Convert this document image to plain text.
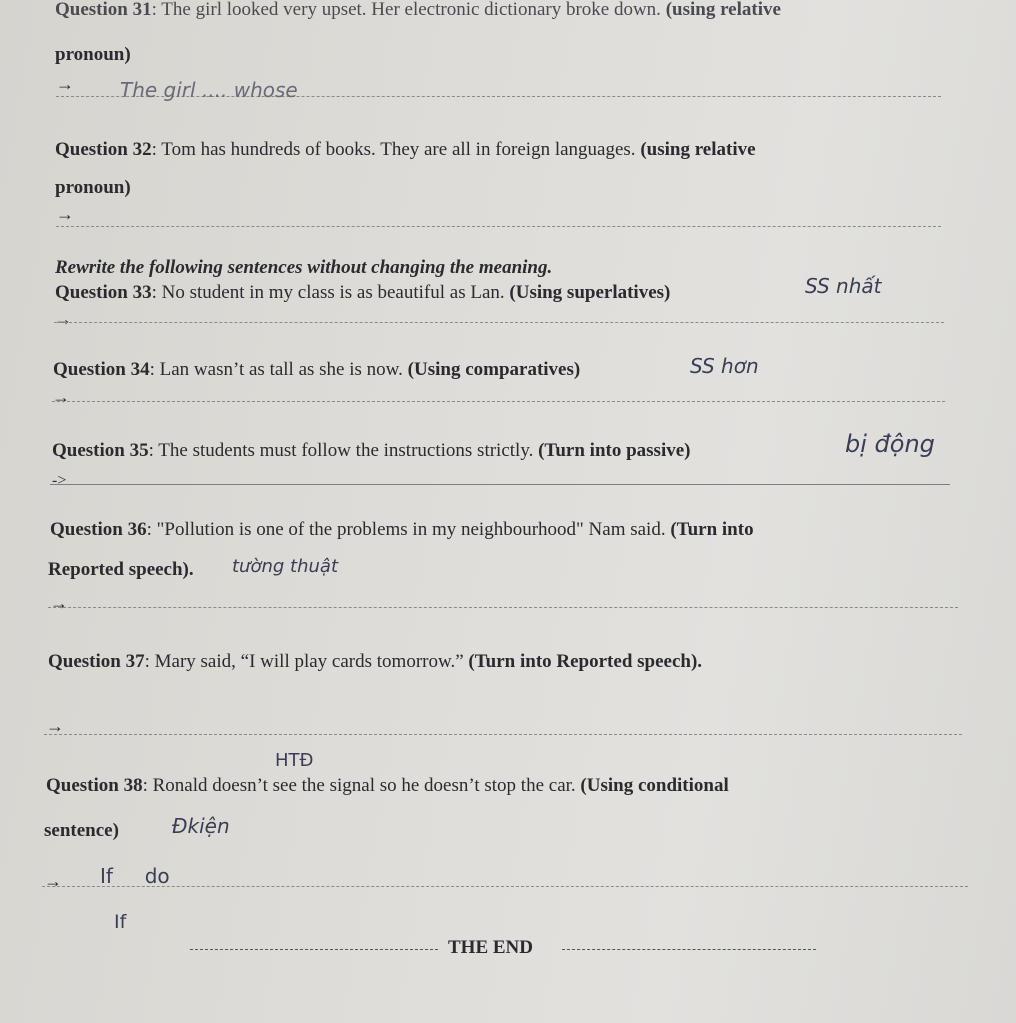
Question 31: The girl looked very upset. Her electronic dictionary broke down. (using relative
pronoun)
→ The girl .... whose
Question 32: Tom has hundreds of books. They are all in foreign languages. (using relative
pronoun)
→
Rewrite the following sentences without changing the meaning.
Question 33: No student in my class is as beautiful as Lan. (Using superlatives)	SS nhất
→
Question 34: Lan wasn’t as tall as she is now. (Using comparatives)	SS hơn
→
Question 35: The students must follow the instructions strictly. (Turn into passive)	bị động
->
Question 36: "Pollution is one of the problems in my neighbourhood" Nam said. (Turn into
Reported speech). tường thuật
→
Question 37: Mary said, “I will play cards tomorrow.” (Turn into Reported speech).
→
HTĐ
Question 38: Ronald doesn’t see the signal so he doesn’t stop the car. (Using conditional
sentence)	Đkiện
→ If     do
If
THE END
